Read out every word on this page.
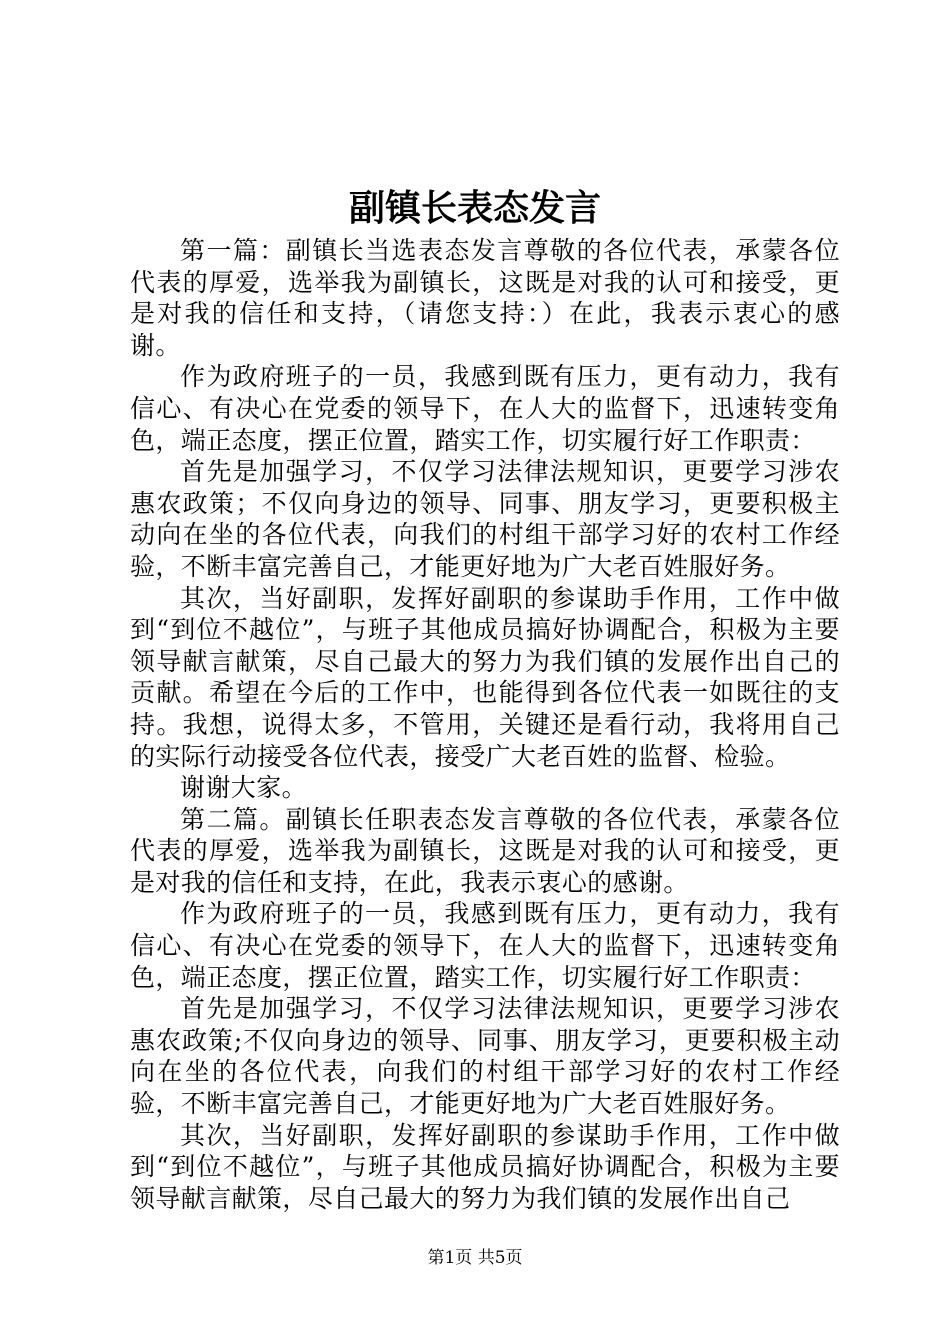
副镇长表态发言

第一篇：副镇长当选表态发言尊敬的各位代表，承蒙各位代表的厚爱，选举我为副镇长，这既是对我的认可和接受，更是对我的信任和支持，（请您支持：）在此，我表示衷心的感谢。

作为政府班子的一员，我感到既有压力，更有动力，我有信心、有决心在党委的领导下，在人大的监督下，迅速转变角色，端正态度，摆正位置，踏实工作，切实履行好工作职责：

首先是加强学习，不仅学习法律法规知识，更要学习涉农惠农政策；不仅向身边的领导、同事、朋友学习，更要积极主动向在坐的各位代表，向我们的村组干部学习好的农村工作经验，不断丰富完善自己，才能更好地为广大老百姓服好务。

其次，当好副职，发挥好副职的参谋助手作用，工作中做到“到位不越位”，与班子其他成员搞好协调配合，积极为主要领导献言献策，尽自己最大的努力为我们镇的发展作出自己的贡献。希望在今后的工作中，也能得到各位代表一如既往的支持。我想，说得太多，不管用，关键还是看行动，我将用自己的实际行动接受各位代表，接受广大老百姓的监督、检验。

谢谢大家。

第二篇。副镇长任职表态发言尊敬的各位代表，承蒙各位代表的厚爱，选举我为副镇长，这既是对我的认可和接受，更是对我的信任和支持，在此，我表示衷心的感谢。

作为政府班子的一员，我感到既有压力，更有动力，我有信心、有决心在党委的领导下，在人大的监督下，迅速转变角色，端正态度，摆正位置，踏实工作，切实履行好工作职责：

首先是加强学习，不仅学习法律法规知识，更要学习涉农惠农政策;不仅向身边的领导、同事、朋友学习，更要积极主动向在坐的各位代表，向我们的村组干部学习好的农村工作经验，不断丰富完善自己，才能更好地为广大老百姓服好务。

其次，当好副职，发挥好副职的参谋助手作用，工作中做到“到位不越位”，与班子其他成员搞好协调配合，积极为主要领导献言献策，尽自己最大的努力为我们镇的发展作出自己

第1页 共5页
